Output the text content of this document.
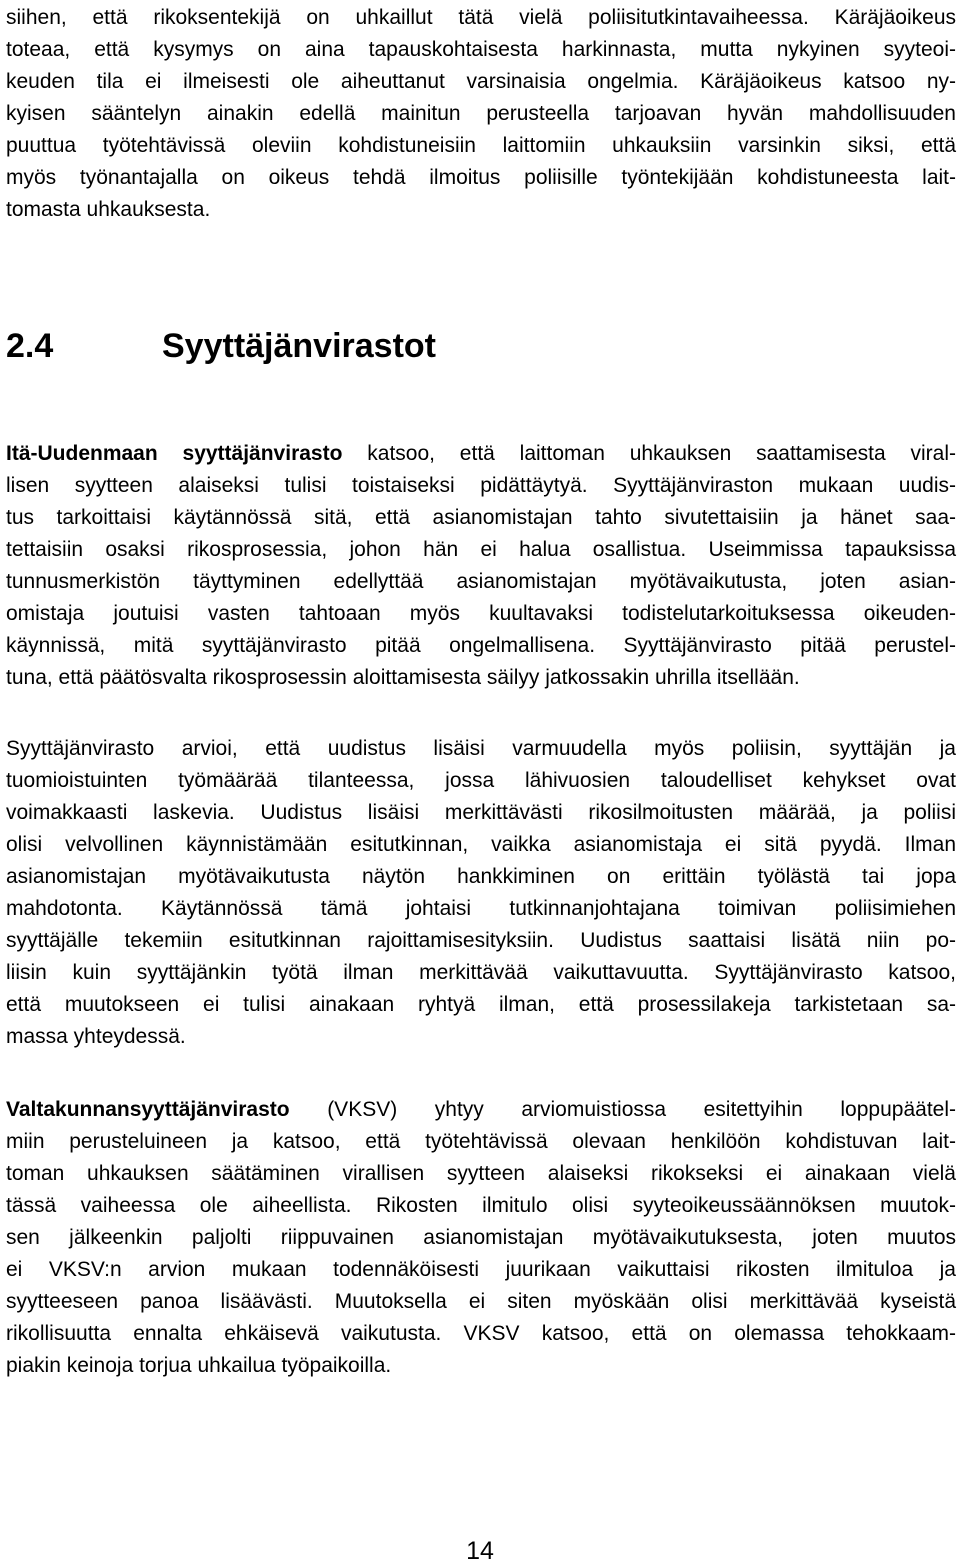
siihen, että rikoksentekijä on uhkaillut tätä vielä poliisitutkintavaiheessa. Käräjäoikeus
toteaa, että kysymys on aina tapauskohtaisesta harkinnasta, mutta nykyinen syyteoi-
keuden tila ei ilmeisesti ole aiheuttanut varsinaisia ongelmia. Käräjäoikeus katsoo ny-
kyisen sääntelyn ainakin edellä mainitun perusteella tarjoavan hyvän mahdollisuuden
puuttua työtehtävissä oleviin kohdistuneisiin laittomiin uhkauksiin varsinkin siksi, että
myös työnantajalla on oikeus tehdä ilmoitus poliisille työntekijään kohdistuneesta lait-
tomasta uhkauksesta.
2.4	Syyttäjänvirastot
Itä-Uudenmaan syyttäjänvirasto katsoo, että laittoman uhkauksen saattamisesta viral-
lisen syytteen alaiseksi tulisi toistaiseksi pidättäytyä. Syyttäjänviraston mukaan uudis-
tus tarkoittaisi käytännössä sitä, että asianomistajan tahto sivutettaisiin ja hänet saa-
tettaisiin osaksi rikosprosessia, johon hän ei halua osallistua. Useimmissa tapauksissa
tunnusmerkistön täyttyminen edellyttää asianomistajan myötävaikutusta, joten asian-
omistaja joutuisi vasten tahtoaan myös kuultavaksi todistelutarkoituksessa oikeuden-
käynnissä, mitä syyttäjänvirasto pitää ongelmallisena. Syyttäjänvirasto pitää perustel-
tuna, että päätösvalta rikosprosessin aloittamisesta säilyy jatkossakin uhrilla itsellään.
Syyttäjänvirasto arvioi, että uudistus lisäisi varmuudella myös poliisin, syyttäjän ja
tuomioistuinten työmäärää tilanteessa, jossa lähivuosien taloudelliset kehykset ovat
voimakkaasti laskevia. Uudistus lisäisi merkittävästi rikosilmoitusten määrää, ja poliisi
olisi velvollinen käynnistämään esitutkinnan, vaikka asianomistaja ei sitä pyydä. Ilman
asianomistajan myötävaikutusta näytön hankkiminen on erittäin työlästä tai jopa
mahdotonta. Käytännössä tämä johtaisi tutkinnanjohtajana toimivan poliisimiehen
syyttäjälle tekemiin esitutkinnan rajoittamisesityksiin. Uudistus saattaisi lisätä niin po-
liisin kuin syyttäjänkin työtä ilman merkittävää vaikuttavuutta. Syyttäjänvirasto katsoo,
että muutokseen ei tulisi ainakaan ryhtyä ilman, että prosessilakeja tarkistetaan sa-
massa yhteydessä.
Valtakunnansyyttäjänvirasto (VKSV) yhtyy arviomuistiossa esitettyihin loppupäätel-
miin perusteluineen ja katsoo, että työtehtävissä olevaan henkilöön kohdistuvan lait-
toman uhkauksen säätäminen virallisen syytteen alaiseksi rikokseksi ei ainakaan vielä
tässä vaiheessa ole aiheellista. Rikosten ilmitulo olisi syyteoikeussäännöksen muutok-
sen jälkeenkin paljolti riippuvainen asianomistajan myötävaikutuksesta, joten muutos
ei VKSV:n arvion mukaan todennäköisesti juurikaan vaikuttaisi rikosten ilmituloa ja
syytteeseen panoa lisäävästi. Muutoksella ei siten myöskään olisi merkittävää kyseistä
rikollisuutta ennalta ehkäisevä vaikutusta. VKSV katsoo, että on olemassa tehokkaam-
piakin keinoja torjua uhkailua työpaikoilla.
14
